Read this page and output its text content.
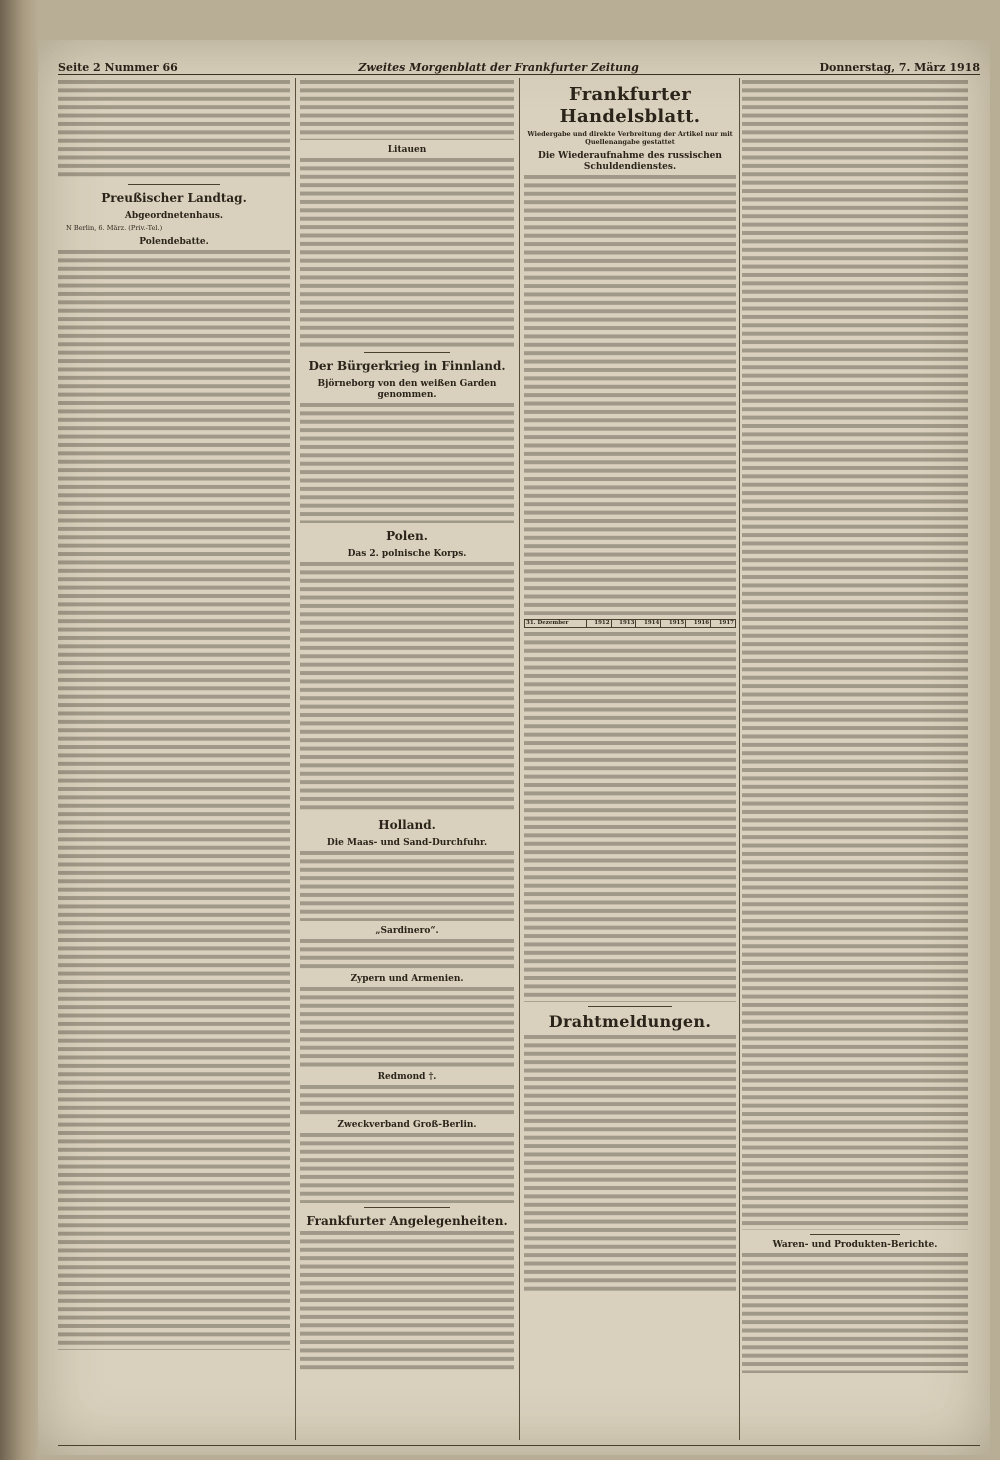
Seite 2 Nummer 66	Zweites Morgenblatt der Frankfurter Zeitung	Donnerstag, 7. März 1918
Preußischer Landtag.
Abgeordnetenhaus.

N Berlin, 6. März. (Priv.-Tel.)

Polendebatte.
Litauen
Der Bürgerkrieg in Finnland.
Björneborg von den weißen Garden genommen.
Polen.
Das 2. polnische Korps.
Holland.
Die Maas- und Sand-Durchfuhr.
„Sardinero“.
Zypern und Armenien.
Redmond †.
Zweckverband Groß-Berlin.
Frankfurter Angelegenheiten.
Frankfurter Handelsblatt.
Wiedergabe und direkte Verbreitung der Artikel nur mit Quellenangabe gestattet
Die Wiederaufnahme des russischen Schuldendienstes.
31. Dezember	1912	1913	1914	1915	1916	1917
Drahtmeldungen.
Waren- und Produkten-Berichte.
